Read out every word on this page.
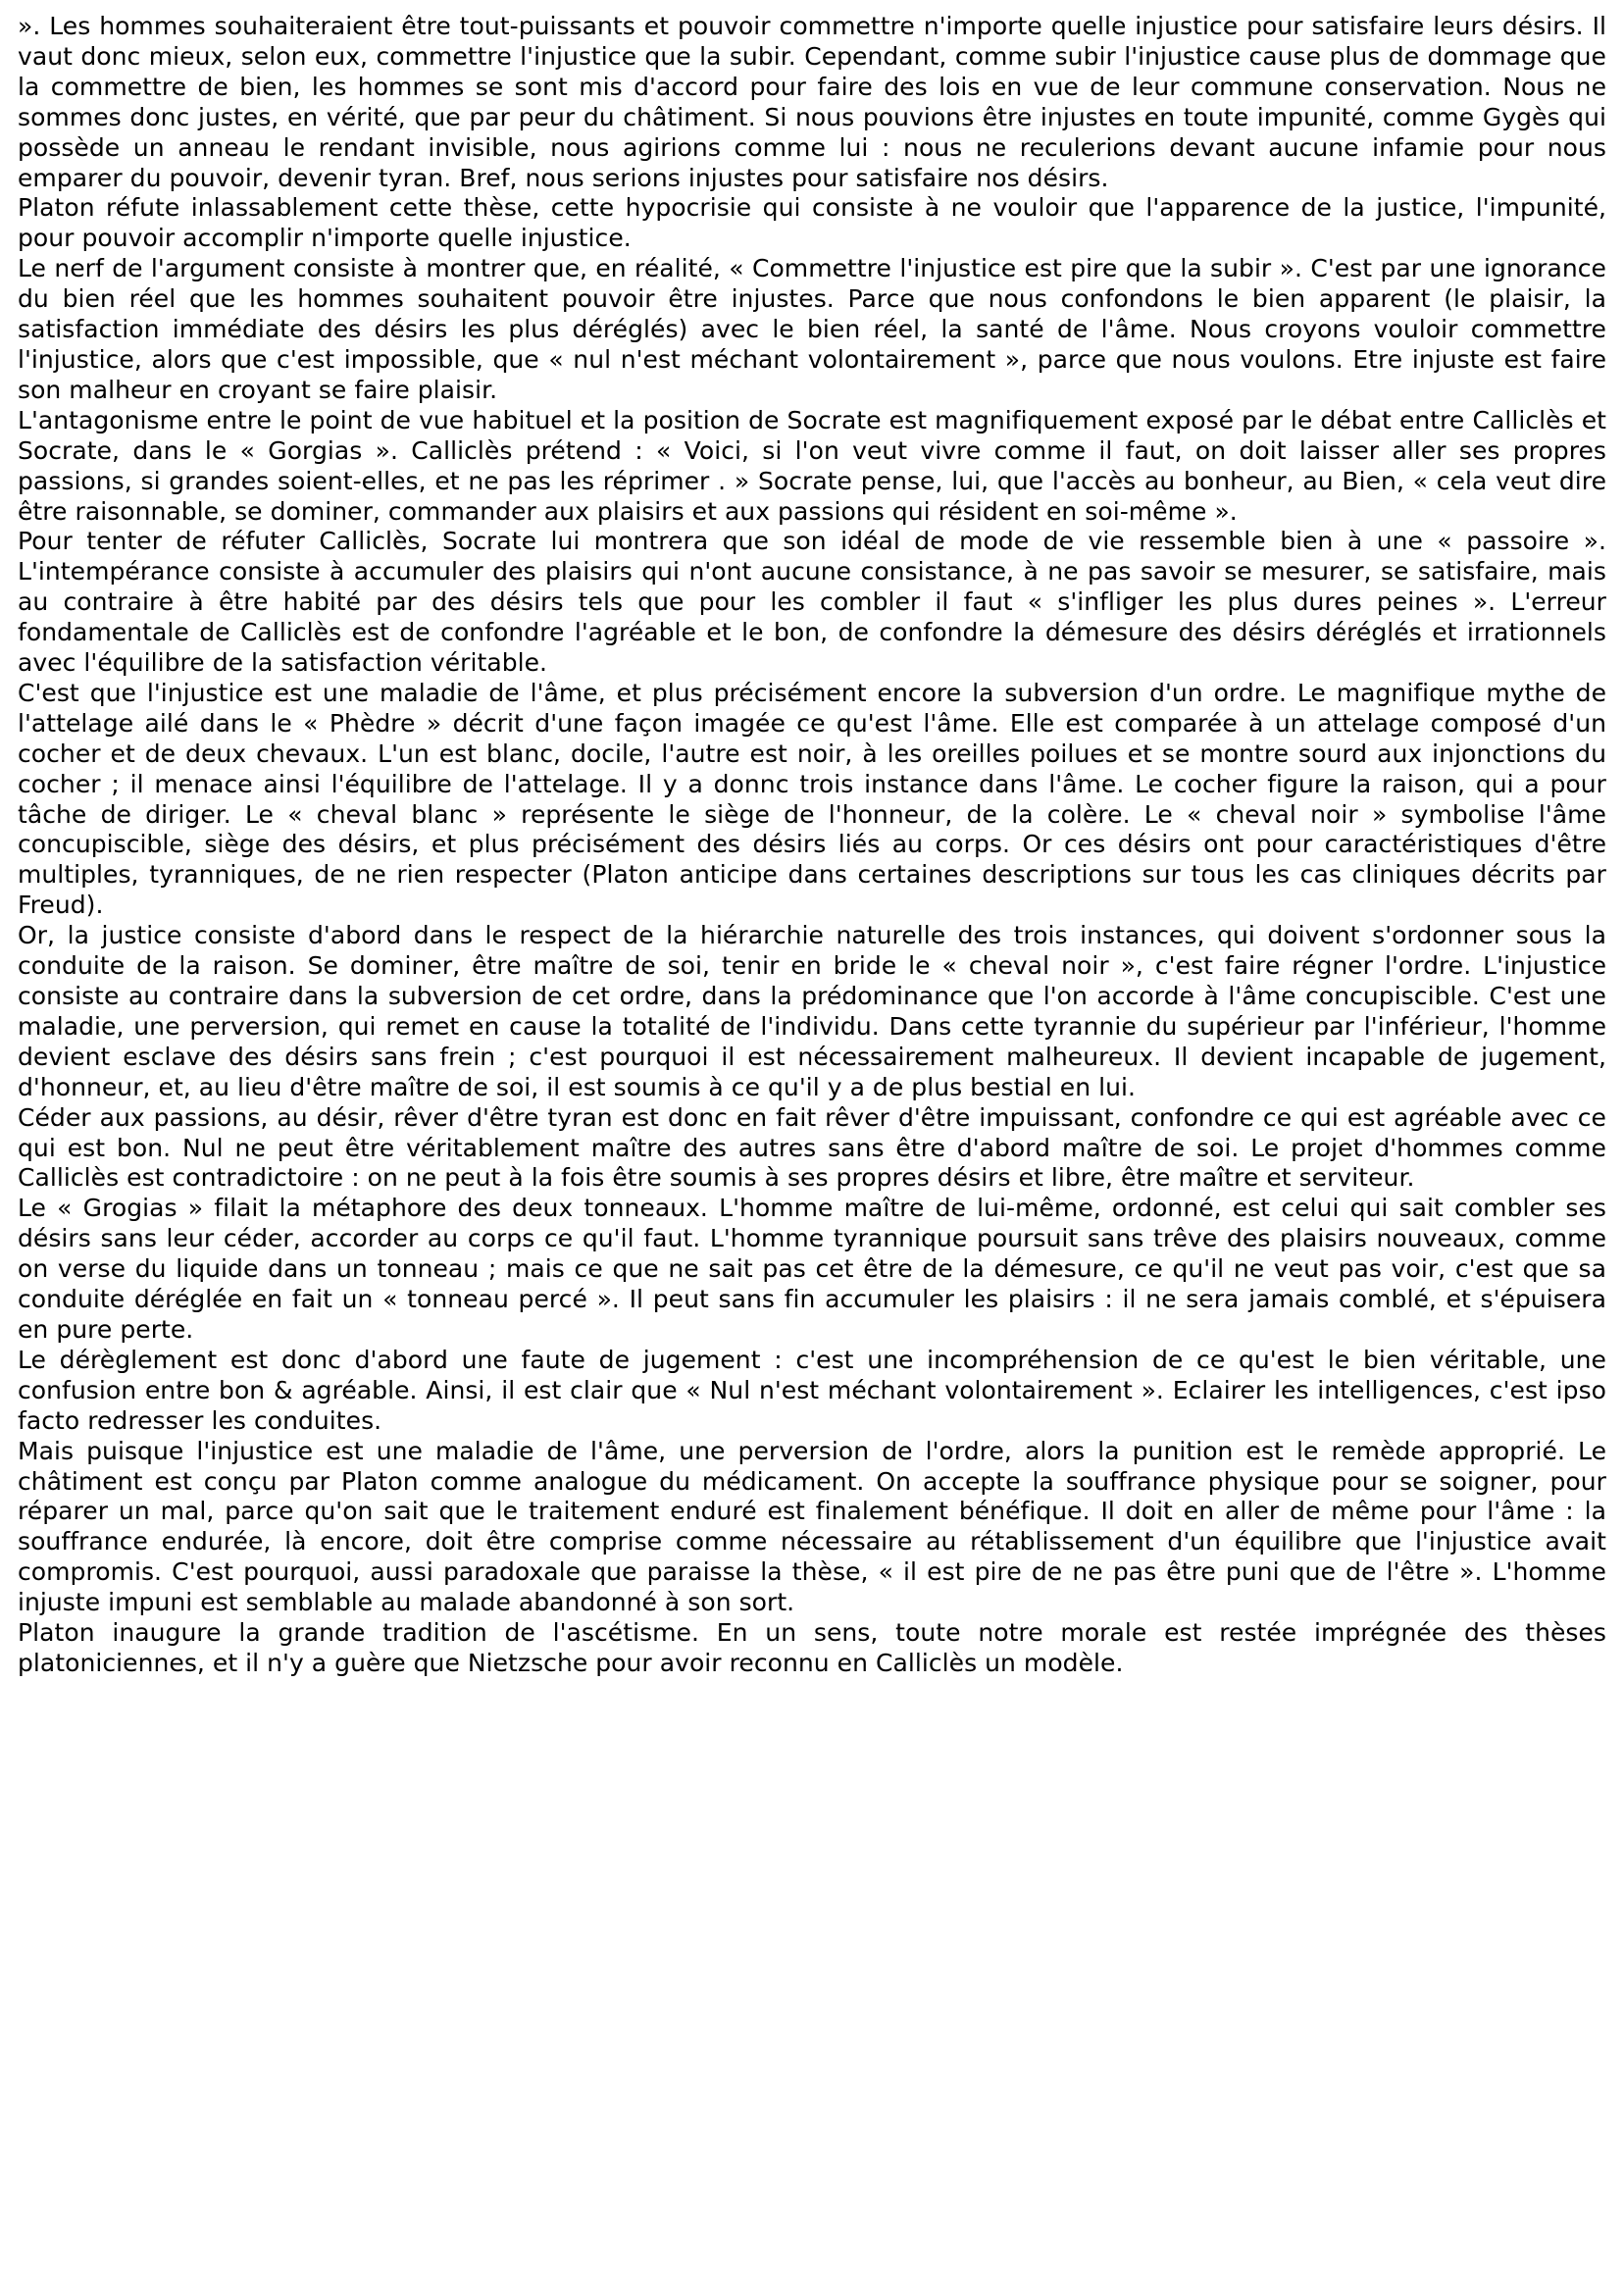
». Les hommes souhaiteraient être tout-puissants et pouvoir commettre n'importe quelle injustice pour satisfaire leurs désirs. Il vaut donc mieux, selon eux, commettre l'injustice que la subir. Cependant, comme subir l'injustice cause plus de dommage que la commettre de bien, les hommes se sont mis d'accord pour faire des lois en vue de leur commune conservation. Nous ne sommes donc justes, en vérité, que par peur du châtiment. Si nous pouvions être injustes en toute impunité, comme Gygès qui possède un anneau le rendant invisible, nous agirions comme lui : nous ne reculerions devant aucune infamie pour nous emparer du pouvoir, devenir tyran. Bref, nous serions injustes pour satisfaire nos désirs.

Platon réfute inlassablement cette thèse, cette hypocrisie qui consiste à ne vouloir que l'apparence de la justice, l'impunité, pour pouvoir accomplir n'importe quelle injustice.

Le nerf de l'argument consiste à montrer que, en réalité, « Commettre l'injustice est pire que la subir ». C'est par une ignorance du bien réel que les hommes souhaitent pouvoir être injustes. Parce que nous confondons le bien apparent (le plaisir, la satisfaction immédiate des désirs les plus déréglés) avec le bien réel, la santé de l'âme. Nous croyons vouloir commettre l'injustice, alors que c'est impossible, que « nul n'est méchant volontairement », parce que nous voulons. Etre injuste est faire son malheur en croyant se faire plaisir.

L'antagonisme entre le point de vue habituel et la position de Socrate est magnifiquement exposé par le débat entre Calliclès et Socrate, dans le « Gorgias ». Calliclès prétend : « Voici, si l'on veut vivre comme il faut, on doit laisser aller ses propres passions, si grandes soient-elles, et ne pas les réprimer . » Socrate pense, lui, que l'accès au bonheur, au Bien, « cela veut dire être raisonnable, se dominer, commander aux plaisirs et aux passions qui résident en soi-même ».

Pour tenter de réfuter Calliclès, Socrate lui montrera que son idéal de mode de vie ressemble bien à une « passoire ». L'intempérance consiste à accumuler des plaisirs qui n'ont aucune consistance, à ne pas savoir se mesurer, se satisfaire, mais au contraire à être habité par des désirs tels que pour les combler il faut « s'infliger les plus dures peines ». L'erreur fondamentale de Calliclès est de confondre l'agréable et le bon, de confondre la démesure des désirs déréglés et irrationnels avec l'équilibre de la satisfaction véritable.

C'est que l'injustice est une maladie de l'âme, et plus précisément encore la subversion d'un ordre. Le magnifique mythe de l'attelage ailé dans le « Phèdre » décrit d'une façon imagée ce qu'est l'âme. Elle est comparée à un attelage composé d'un cocher et de deux chevaux. L'un est blanc, docile, l'autre est noir, à les oreilles poilues et se montre sourd aux injonctions du cocher ; il menace ainsi l'équilibre de l'attelage. Il y a donnc trois instance dans l'âme. Le cocher figure la raison, qui a pour tâche de diriger. Le « cheval blanc » représente le siège de l'honneur, de la colère. Le « cheval noir » symbolise l'âme concupiscible, siège des désirs, et plus précisément des désirs liés au corps. Or ces désirs ont pour caractéristiques d'être multiples, tyranniques, de ne rien respecter (Platon anticipe dans certaines descriptions sur tous les cas cliniques décrits par Freud).

Or, la justice consiste d'abord dans le respect de la hiérarchie naturelle des trois instances, qui doivent s'ordonner sous la conduite de la raison. Se dominer, être maître de soi, tenir en bride le « cheval noir », c'est faire régner l'ordre. L'injustice consiste au contraire dans la subversion de cet ordre, dans la prédominance que l'on accorde à l'âme concupiscible. C'est une maladie, une perversion, qui remet en cause la totalité de l'individu. Dans cette tyrannie du supérieur par l'inférieur, l'homme devient esclave des désirs sans frein ; c'est pourquoi il est nécessairement malheureux. Il devient incapable de jugement, d'honneur, et, au lieu d'être maître de soi, il est soumis à ce qu'il y a de plus bestial en lui.

Céder aux passions, au désir, rêver d'être tyran est donc en fait rêver d'être impuissant, confondre ce qui est agréable avec ce qui est bon. Nul ne peut être véritablement maître des autres sans être d'abord maître de soi. Le projet d'hommes comme Calliclès est contradictoire : on ne peut à la fois être soumis à ses propres désirs et libre, être maître et serviteur.

Le « Grogias » filait la métaphore des deux tonneaux. L'homme maître de lui-même, ordonné, est celui qui sait combler ses désirs sans leur céder, accorder au corps ce qu'il faut. L'homme tyrannique poursuit sans trêve des plaisirs nouveaux, comme on verse du liquide dans un tonneau ; mais ce que ne sait pas cet être de la démesure, ce qu'il ne veut pas voir, c'est que sa conduite déréglée en fait un « tonneau percé ». Il peut sans fin accumuler les plaisirs : il ne sera jamais comblé, et s'épuisera en pure perte.

Le dérèglement est donc d'abord une faute de jugement : c'est une incompréhension de ce qu'est le bien véritable, une confusion entre bon & agréable. Ainsi, il est clair que « Nul n'est méchant volontairement ». Eclairer les intelligences, c'est ipso facto redresser les conduites.

Mais puisque l'injustice est une maladie de l'âme, une perversion de l'ordre, alors la punition est le remède approprié. Le châtiment est conçu par Platon comme analogue du médicament. On accepte la souffrance physique pour se soigner, pour réparer un mal, parce qu'on sait que le traitement enduré est finalement bénéfique. Il doit en aller de même pour l'âme : la souffrance endurée, là encore, doit être comprise comme nécessaire au rétablissement d'un équilibre que l'injustice avait compromis. C'est pourquoi, aussi paradoxale que paraisse la thèse, « il est pire de ne pas être puni que de l'être ». L'homme injuste impuni est semblable au malade abandonné à son sort.

Platon inaugure la grande tradition de l'ascétisme. En un sens, toute notre morale est restée imprégnée des thèses platoniciennes, et il n'y a guère que Nietzsche pour avoir reconnu en Calliclès un modèle.
